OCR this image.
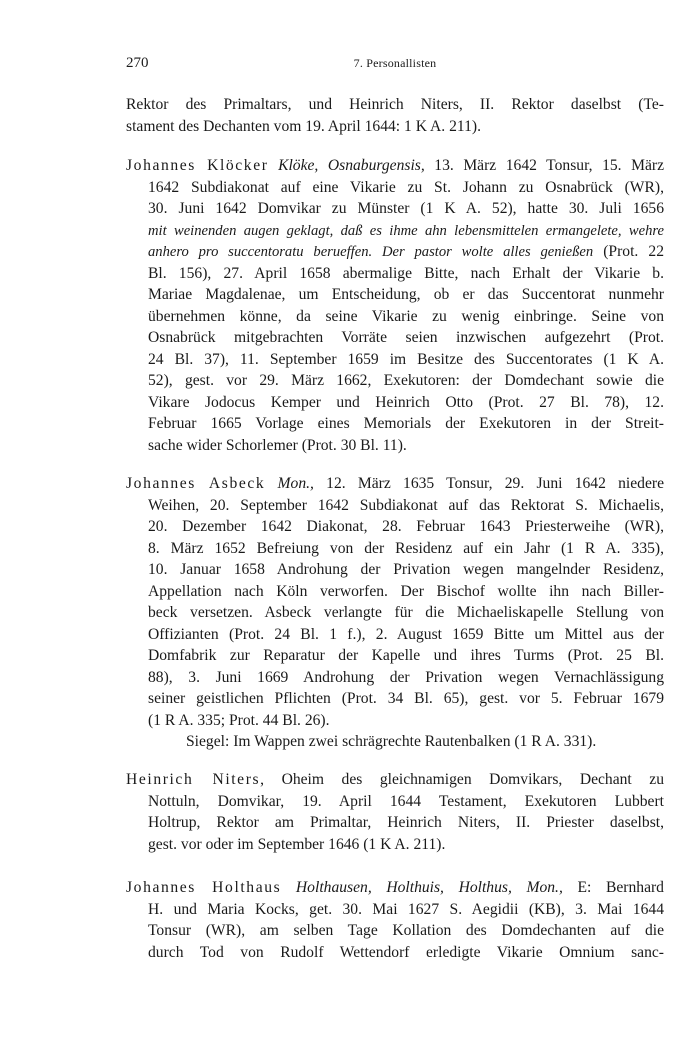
270	7. Personallisten
Rektor des Primaltars, und Heinrich Niters, II. Rektor daselbst (Te-
stament des Dechanten vom 19. April 1644: 1 K A. 211).
Johannes Klöcker Klöke, Osnaburgensis, 13. März 1642 Tonsur, 15. März
1642 Subdiakonat auf eine Vikarie zu St. Johann zu Osnabrück (WR),
30. Juni 1642 Domvikar zu Münster (1 K A. 52), hatte 30. Juli 1656
mit weinenden augen geklagt, daß es ihme ahn lebensmittelen ermangelete, wehre
anhero pro succentoratu berueffen. Der pastor wolte alles genießen (Prot. 22
Bl. 156), 27. April 1658 abermalige Bitte, nach Erhalt der Vikarie b.
Mariae Magdalenae, um Entscheidung, ob er das Succentorat nunmehr
übernehmen könne, da seine Vikarie zu wenig einbringe. Seine von
Osnabrück mitgebrachten Vorräte seien inzwischen aufgezehrt (Prot.
24 Bl. 37), 11. September 1659 im Besitze des Succentorates (1 K A.
52), gest. vor 29. März 1662, Exekutoren: der Domdechant sowie die
Vikare Jodocus Kemper und Heinrich Otto (Prot. 27 Bl. 78), 12.
Februar 1665 Vorlage eines Memorials der Exekutoren in der Streit-
sache wider Schorlemer (Prot. 30 Bl. 11).
Johannes Asbeck Mon., 12. März 1635 Tonsur, 29. Juni 1642 niedere
Weihen, 20. September 1642 Subdiakonat auf das Rektorat S. Michaelis,
20. Dezember 1642 Diakonat, 28. Februar 1643 Priesterweihe (WR),
8. März 1652 Befreiung von der Residenz auf ein Jahr (1 R A. 335),
10. Januar 1658 Androhung der Privation wegen mangelnder Residenz,
Appellation nach Köln verworfen. Der Bischof wollte ihn nach Biller-
beck versetzen. Asbeck verlangte für die Michaeliskapelle Stellung von
Offizianten (Prot. 24 Bl. 1 f.), 2. August 1659 Bitte um Mittel aus der
Domfabrik zur Reparatur der Kapelle und ihres Turms (Prot. 25 Bl.
88), 3. Juni 1669 Androhung der Privation wegen Vernachlässigung
seiner geistlichen Pflichten (Prot. 34 Bl. 65), gest. vor 5. Februar 1679
(1 R A. 335; Prot. 44 Bl. 26).
Siegel: Im Wappen zwei schrägrechte Rautenbalken (1 R A. 331).
Heinrich Niters, Oheim des gleichnamigen Domvikars, Dechant zu
Nottuln, Domvikar, 19. April 1644 Testament, Exekutoren Lubbert
Holtrup, Rektor am Primaltar, Heinrich Niters, II. Priester daselbst,
gest. vor oder im September 1646 (1 K A. 211).
Johannes Holthaus Holthausen, Holthuis, Holthus, Mon., E: Bernhard
H. und Maria Kocks, get. 30. Mai 1627 S. Aegidii (KB), 3. Mai 1644
Tonsur (WR), am selben Tage Kollation des Domdechanten auf die
durch Tod von Rudolf Wettendorf erledigte Vikarie Omnium sanc-
